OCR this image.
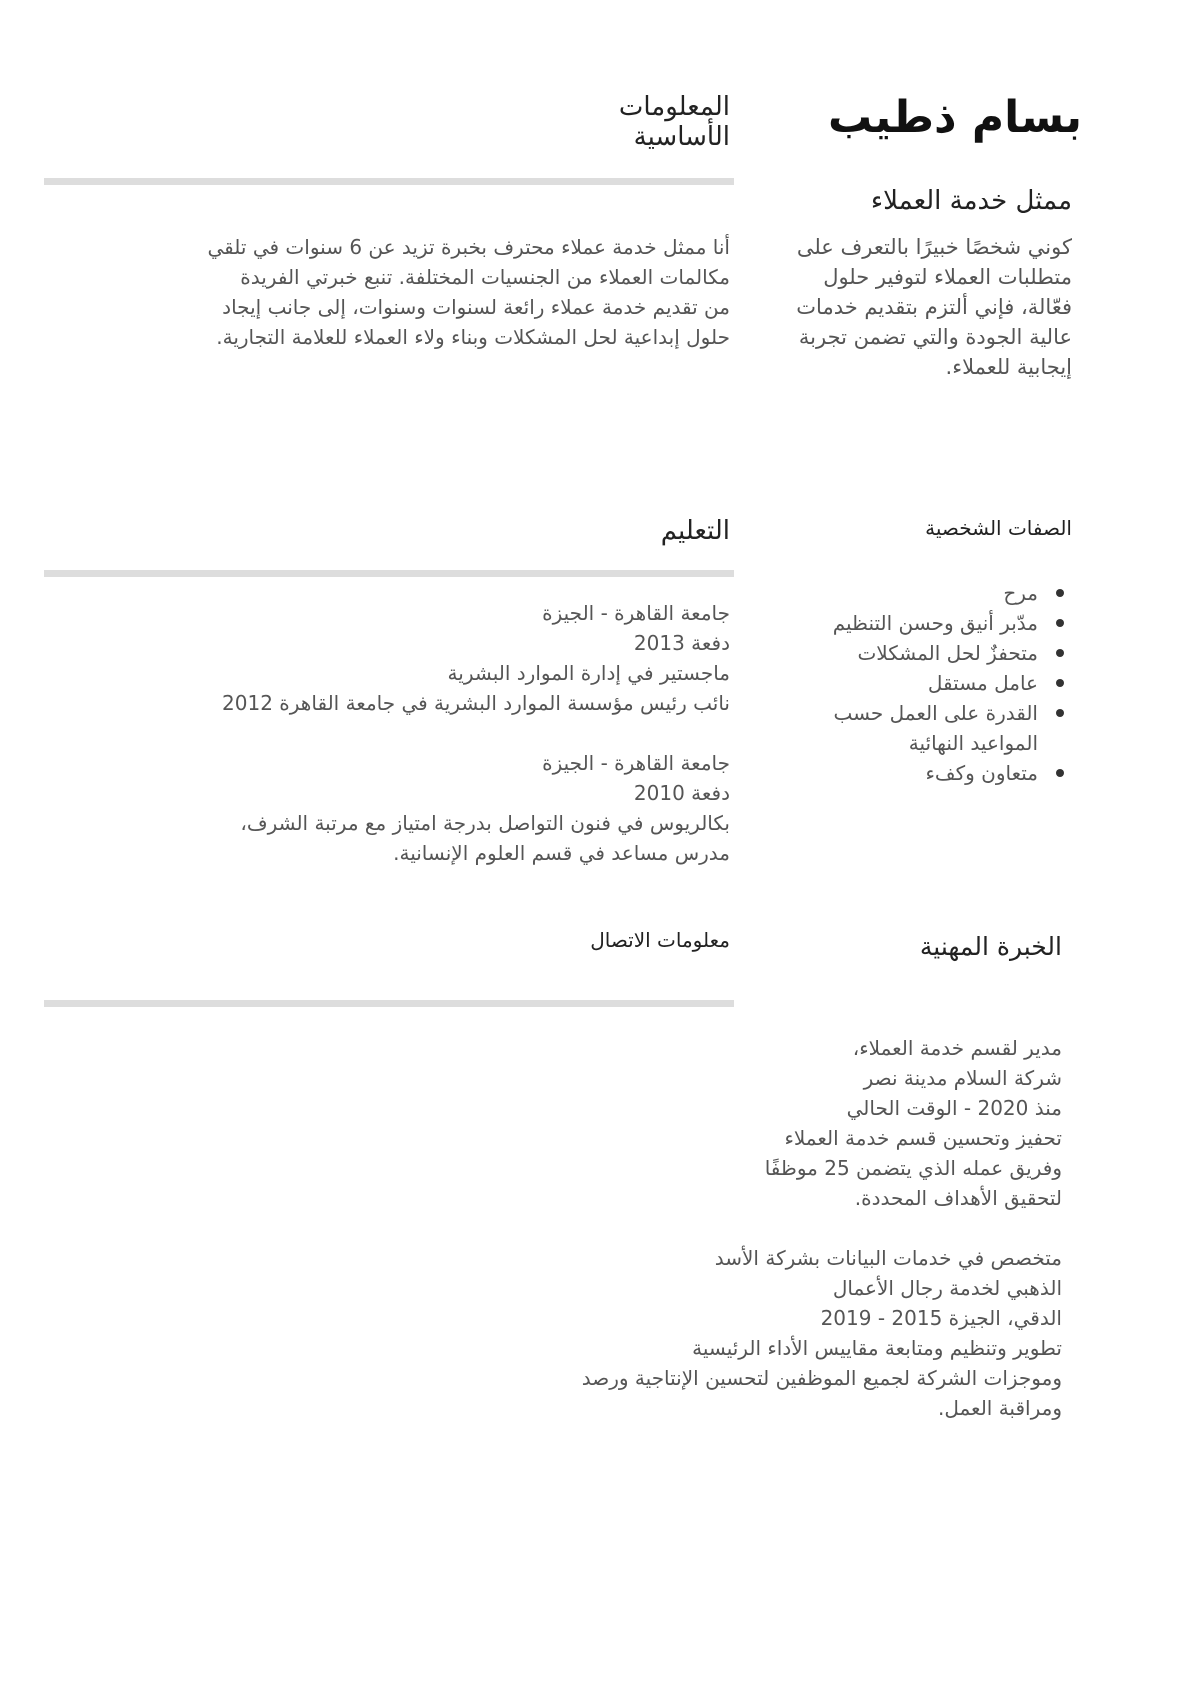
بسام ذطيب
ممثل خدمة العملاء
كوني شخصًا خبيرًا بالتعرف على
متطلبات العملاء لتوفير حلول
فعّالة، فإني ألتزم بتقديم خدمات
عالية الجودة والتي تضمن تجربة
إيجابية للعملاء.
المعلومات
الأساسية
أنا ممثل خدمة عملاء محترف بخبرة تزيد عن 6 سنوات في تلقي
مكالمات العملاء من الجنسيات المختلفة. تنبع خبرتي الفريدة
من تقديم خدمة عملاء رائعة لسنوات وسنوات، إلى جانب إيجاد
حلول إبداعية لحل المشكلات وبناء ولاء العملاء للعلامة التجارية.
الصفات الشخصية
مرح
مدّبر أنيق وحسن التنظيم
متحفزٌ لحل المشكلات
عامل مستقل
القدرة على العمل حسب
المواعيد النهائية
متعاون وكفء
التعليم
جامعة القاهرة - الجيزة
دفعة 2013
ماجستير في إدارة الموارد البشرية
نائب رئيس مؤسسة الموارد البشرية في جامعة القاهرة 2012
جامعة القاهرة - الجيزة
دفعة 2010
بكالريوس في فنون التواصل بدرجة امتياز مع مرتبة الشرف،
مدرس مساعد في قسم العلوم الإنسانية.
الخبرة المهنية
مدير لقسم خدمة العملاء،
شركة السلام مدينة نصر
منذ 2020 - الوقت الحالي
تحفيز وتحسين قسم خدمة العملاء
وفريق عمله الذي يتضمن 25 موظفًا
لتحقيق الأهداف المحددة.
متخصص في خدمات البيانات بشركة الأسد
الذهبي لخدمة رجال الأعمال
الدقي، الجيزة 2015 - 2019
تطوير وتنظيم ومتابعة مقاييس الأداء الرئيسية
وموجزات الشركة لجميع الموظفين لتحسين الإنتاجية ورصد
ومراقبة العمل.
معلومات الاتصال
